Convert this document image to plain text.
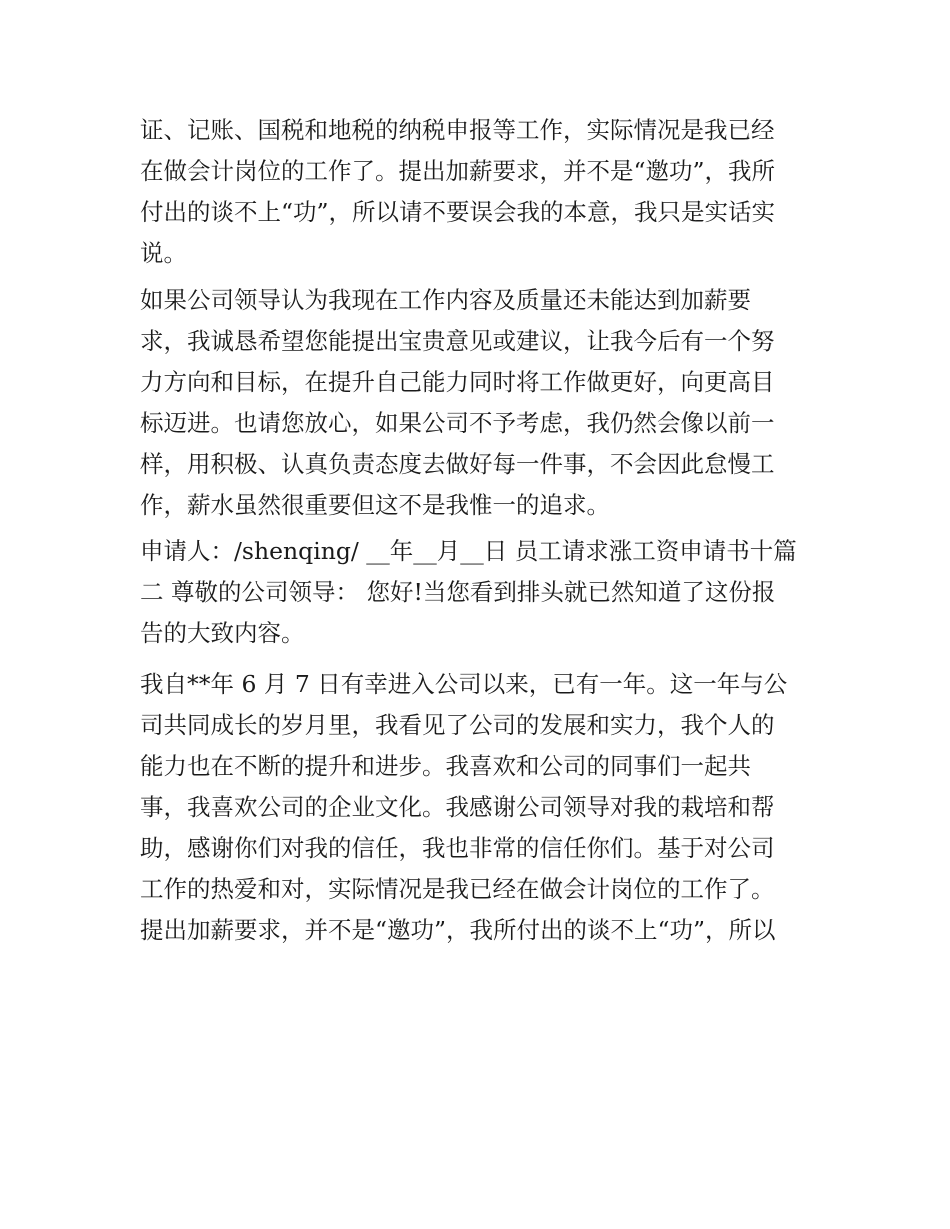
证、记账、国税和地税的纳税申报等工作，实际情况是我已经
在做会计岗位的工作了。提出加薪要求，并不是“邀功”，我所
付出的谈不上“功”，所以请不要误会我的本意，我只是实话实
说。
如果公司领导认为我现在工作内容及质量还未能达到加薪要
求，我诚恳希望您能提出宝贵意见或建议，让我今后有一个努
力方向和目标，在提升自己能力同时将工作做更好，向更高目
标迈进。也请您放心，如果公司不予考虑，我仍然会像以前一
样，用积极、认真负责态度去做好每一件事，不会因此怠慢工
作，薪水虽然很重要但这不是我惟一的追求。
申请人：/shenqing/ __年__月__日 员工请求涨工资申请书十篇
二 尊敬的公司领导： 您好!当您看到排头就已然知道了这份报
告的大致内容。
我自**年 6 月 7 日有幸进入公司以来，已有一年。这一年与公
司共同成长的岁月里，我看见了公司的发展和实力，我个人的
能力也在不断的提升和进步。我喜欢和公司的同事们一起共
事，我喜欢公司的企业文化。我感谢公司领导对我的栽培和帮
助，感谢你们对我的信任，我也非常的信任你们。基于对公司
工作的热爱和对，实际情况是我已经在做会计岗位的工作了。
提出加薪要求，并不是“邀功”，我所付出的谈不上“功”，所以
